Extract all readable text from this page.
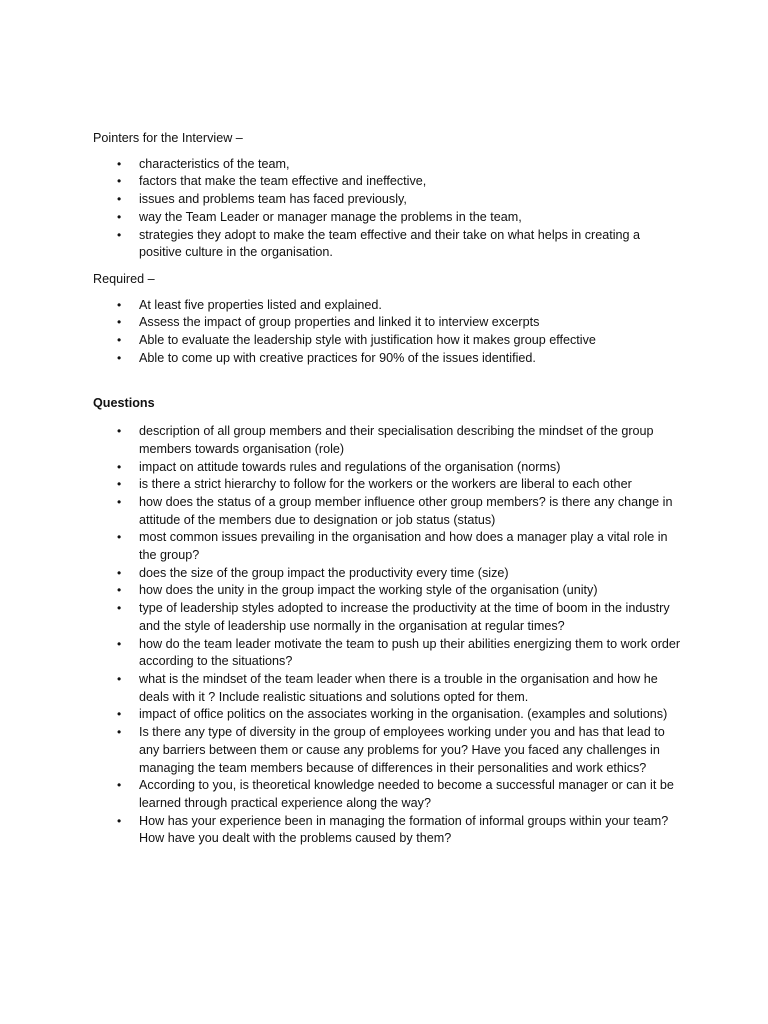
Pointers for the Interview –

• characteristics of the team,
• factors that make the team effective and ineffective,
• issues and problems team has faced previously,
• way the Team Leader or manager manage the problems in the team,
• strategies they adopt to make the team effective and their take on what helps in creating a positive culture in the organisation.

Required –

• At least five properties listed and explained.
• Assess the impact of group properties and linked it to interview excerpts
• Able to evaluate the leadership style with justification how it makes group effective
• Able to come up with creative practices for 90% of the issues identified.

Questions

• description of all group members and their specialisation describing the mindset of the group members towards organisation (role)
• impact on attitude towards rules and regulations of the organisation (norms)
• is there a strict hierarchy to follow for the workers or the workers are liberal to each other
• how does the status of a group member influence other group members? is there any change in attitude of the members due to designation or job status (status)
• most common issues prevailing in the organisation and how does a manager play a vital role in the group?
• does the size of the group impact the productivity every time (size)
• how does the unity in the group impact the working style of the organisation (unity)
• type of leadership styles adopted to increase the productivity at the time of boom in the industry and the style of leadership use normally in the organisation at regular times?
• how do the team leader motivate the team to push up their abilities energizing them to work order according to the situations?
• what is the mindset of the team leader when there is a trouble in the organisation and how he deals with it ? Include realistic situations and solutions opted for them.
• impact of office politics on the associates working in the organisation. (examples and solutions)
• Is there any type of diversity in the group of employees working under you and has that lead to any barriers between them or cause any problems for you? Have you faced any challenges in managing the team members because of differences in their personalities and work ethics?
• According to you, is theoretical knowledge needed to become a successful manager or can it be learned through practical experience along the way?
• How has your experience been in managing the formation of informal groups within your team? How have you dealt with the problems caused by them?
